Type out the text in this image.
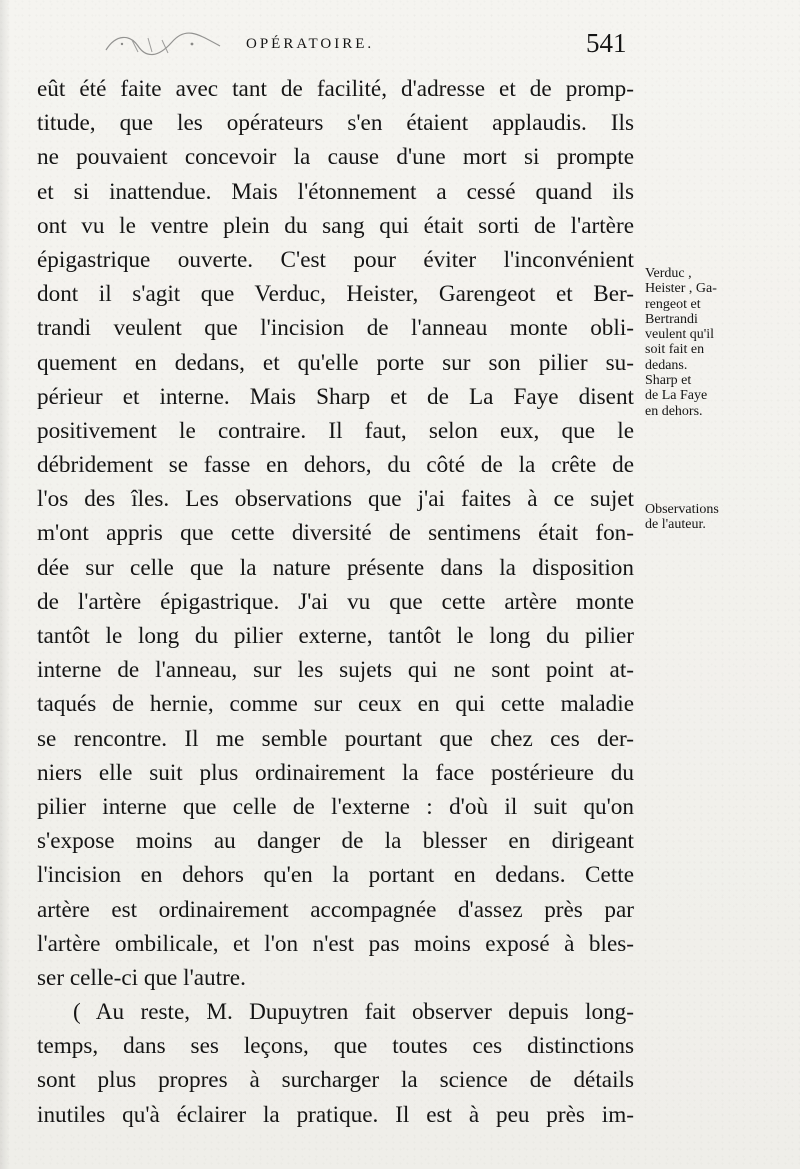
OPÉRATOIRE.	541
eût été faite avec tant de facilité, d'adresse et de promp-
titude, que les opérateurs s'en étaient applaudis. Ils
ne pouvaient concevoir la cause d'une mort si prompte
et si inattendue. Mais l'étonnement a cessé quand ils
ont vu le ventre plein du sang qui était sorti de l'artère
épigastrique ouverte. C'est pour éviter l'inconvénient
dont il s'agit que Verduc, Heister, Garengeot et Ber-
trandi veulent que l'incision de l'anneau monte obli-
quement en dedans, et qu'elle porte sur son pilier su-
périeur et interne. Mais Sharp et de La Faye disent
positivement le contraire. Il faut, selon eux, que le
débridement se fasse en dehors, du côté de la crête de
l'os des îles. Les observations que j'ai faites à ce sujet
m'ont appris que cette diversité de sentimens était fon-
dée sur celle que la nature présente dans la disposition
de l'artère épigastrique. J'ai vu que cette artère monte
tantôt le long du pilier externe, tantôt le long du pilier
interne de l'anneau, sur les sujets qui ne sont point at-
taqués de hernie, comme sur ceux en qui cette maladie
se rencontre. Il me semble pourtant que chez ces der-
niers elle suit plus ordinairement la face postérieure du
pilier interne que celle de l'externe : d'où il suit qu'on
s'expose moins au danger de la blesser en dirigeant
l'incision en dehors qu'en la portant en dedans. Cette
artère est ordinairement accompagnée d'assez près par
l'artère ombilicale, et l'on n'est pas moins exposé à bles-
ser celle-ci que l'autre.
( Au reste, M. Dupuytren fait observer depuis long-
temps, dans ses leçons, que toutes ces distinctions
sont plus propres à surcharger la science de détails
inutiles qu'à éclairer la pratique. Il est à peu près im-
Verduc ,
Heister , Ga-
rengeot et
Bertrandi
veulent qu'il
soit fait en
dedans.
Sharp et
de La Faye
en dehors.
Observations
de l'auteur.
